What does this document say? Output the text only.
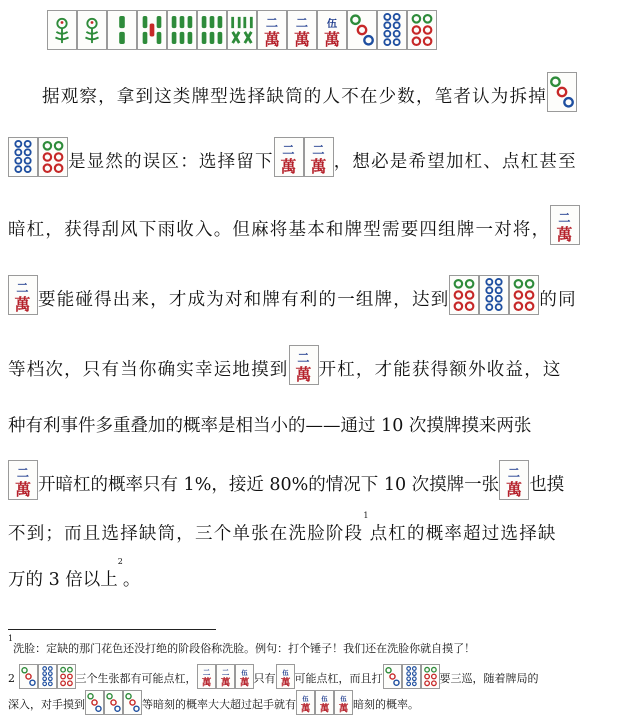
二
萬
二
萬
伍
萬
据观察，拿到这类牌型选择缺筒的人不在少数，笔者认为拆掉
是显然的误区：选择留下
二
萬
二
萬 ，想必是希望加杠、点杠甚至
暗杠，获得刮风下雨收入。但麻将基本和牌型需要四组牌一对将，
二
萬
二
萬 要能碰得出来，才成为对和牌有利的一组牌，达到	的同
等档次，只有当你确实幸运地摸到
二
萬 开杠，才能获得额外收益，这
种有利事件多重叠加的概率是相当小的——通过 10 次摸牌摸来两张
二
萬 开暗杠的概率只有 1%，接近 80%的情况下 10 次摸牌一张
二
萬 也摸
不到；而且选择缺筒，三个单张在洗脸阶段$^1$点杠的概率超过选择缺
万的 3 倍以上$^2$。
$^1$洗脸：定缺的那门花色还没打绝的阶段俗称洗脸。例句：打个锤子！我们还在洗脸你就自摸了！
2	三个生张都有可能点杠， 二
萬
二
萬
伍
萬 只有 伍
萬 可能点杠，而且打	要三巡，随着牌局的
深入，对手摸到	等暗刻的概率大大超过起手就有 伍
萬
伍
萬
伍
萬 暗刻的概率。
